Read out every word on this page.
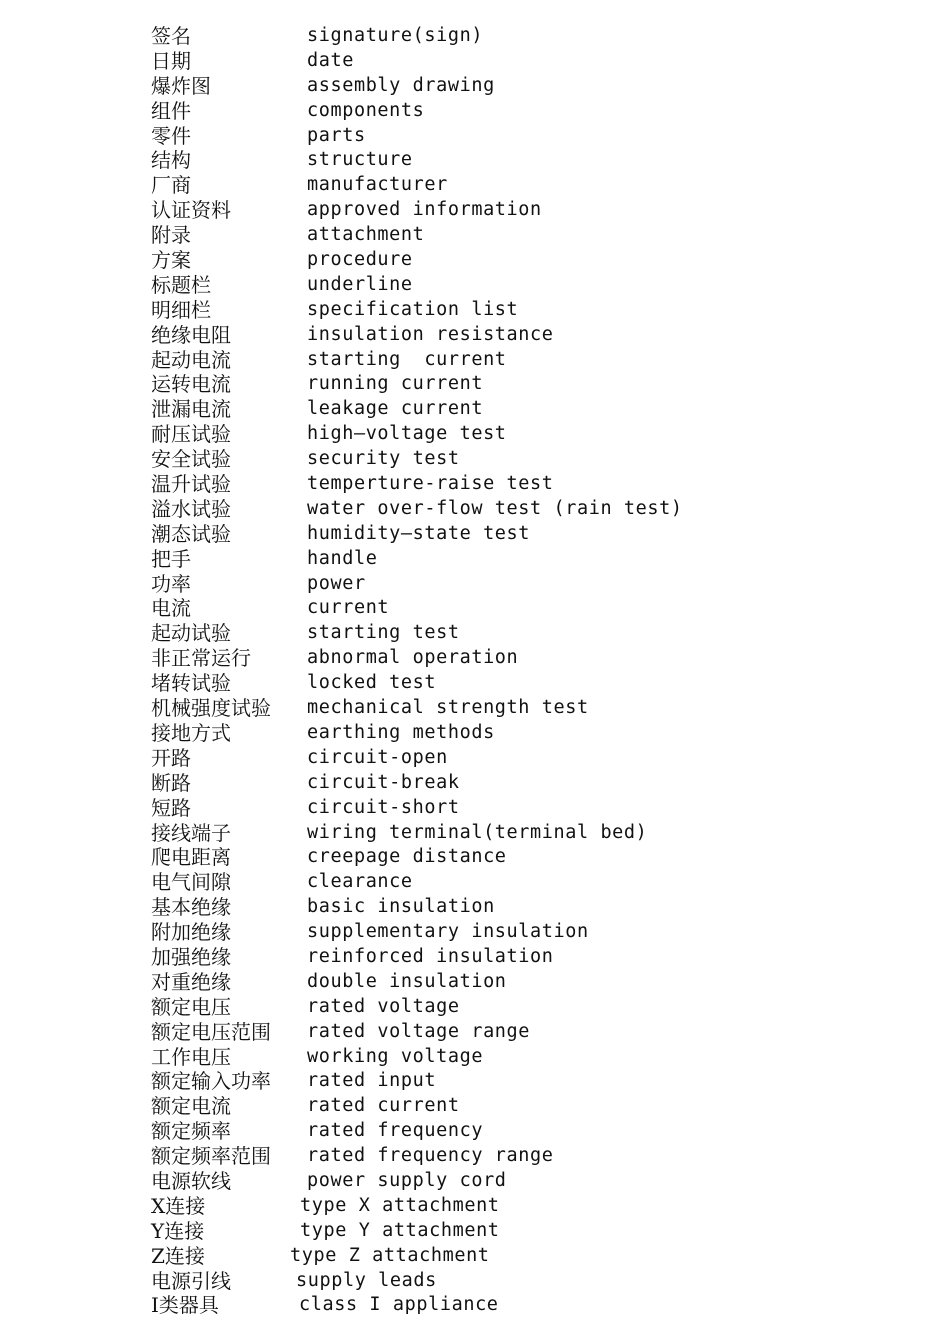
签名	signature(sign)
日期	date
爆炸图	assembly drawing
组件	components
零件	parts
结构	structure
厂商	manufacturer
认证资料	approved information
附录	attachment
方案	procedure
标题栏	underline
明细栏	specification list
绝缘电阻	insulation resistance
起动电流	starting  current
运转电流	running current
泄漏电流	leakage current
耐压试验	high—voltage test
安全试验	security test
温升试验	temperture-raise test
溢水试验	water over-flow test (rain test)
潮态试验	humidity—state test
把手	handle
功率	power
电流	current
起动试验	starting test
非正常运行	abnormal operation
堵转试验	locked test
机械强度试验 mechanical strength test
接地方式	earthing methods
开路	circuit-open
断路	circuit-break
短路	circuit-short
接线端子	wiring terminal(terminal bed)
爬电距离	creepage distance
电气间隙	clearance
基本绝缘	basic insulation
附加绝缘	supplementary insulation
加强绝缘	reinforced insulation
对重绝缘	double insulation
额定电压	rated voltage
额定电压范围 rated voltage range
工作电压	working voltage
额定输入功率 rated input
额定电流	rated current
额定频率	rated frequency
额定频率范围 rated frequency range
电源软线	power supply cord
X连接	type X attachment
Y连接	type Y attachment
Z连接	type Z attachment
电源引线	supply leads
I类器具	class I appliance
